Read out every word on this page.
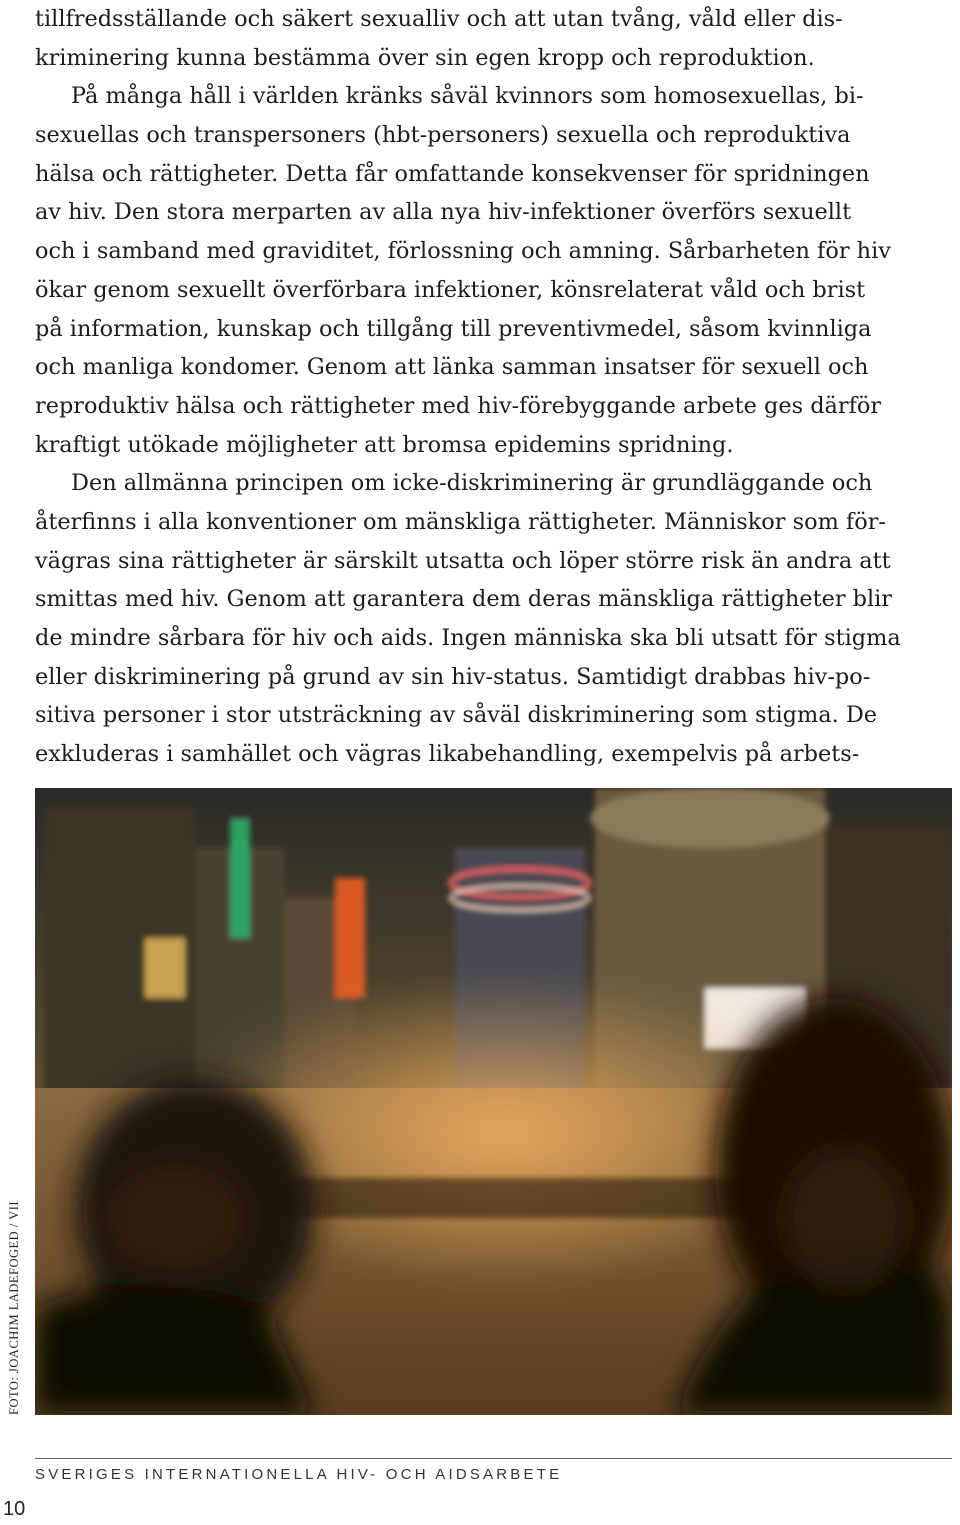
tillfredsställande och säkert sexualliv och att utan tvång, våld eller dis-
kriminering kunna bestämma över sin egen kropp och reproduktion.
På många håll i världen kränks såväl kvinnors som homosexuellas, bi-
sexuellas och transpersoners (hbt-personers) sexuella och reproduktiva
hälsa och rättigheter. Detta får omfattande konsekvenser för spridningen
av hiv. Den stora merparten av alla nya hiv-infektioner överförs sexuellt
och i samband med graviditet, förlossning och amning. Sårbarheten för hiv
ökar genom sexuellt överförbara infektioner, könsrelaterat våld och brist
på information, kunskap och tillgång till preventivmedel, såsom kvinnliga
och manliga kondomer. Genom att länka samman insatser för sexuell och
reproduktiv hälsa och rättigheter med hiv-förebyggande arbete ges därför
kraftigt utökade möjligheter att bromsa epidemins spridning.
Den allmänna principen om icke-diskriminering är grundläggande och
återfinns i alla konventioner om mänskliga rättigheter. Människor som för-
vägras sina rättigheter är särskilt utsatta och löper större risk än andra att
smittas med hiv. Genom att garantera dem deras mänskliga rättigheter blir
de mindre sårbara för hiv och aids. Ingen människa ska bli utsatt för stigma
eller diskriminering på grund av sin hiv-status. Samtidigt drabbas hiv-po-
sitiva personer i stor utsträckning av såväl diskriminering som stigma. De
exkluderas i samhället och vägras likabehandling, exempelvis på arbets-
FOTO: JOACHIM LADEFOGED / VII
SVERIGES INTERNATIONELLA HIV- OCH AIDSARBETE
10
